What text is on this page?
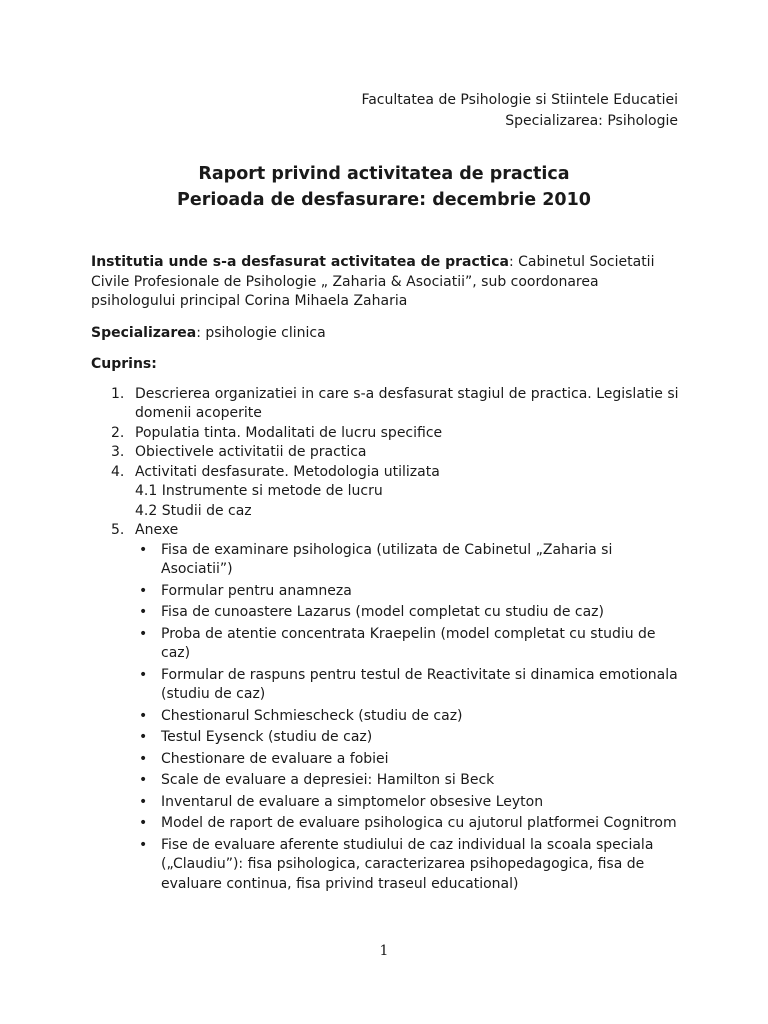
Facultatea de Psihologie si Stiintele Educatiei
Specializarea: Psihologie
Raport privind activitatea de practica
Perioada de desfasurare: decembrie 2010

Institutia unde s-a desfasurat activitatea de practica: Cabinetul Societatii Civile Profesionale de Psihologie „ Zaharia & Asociatii”, sub coordonarea psihologului principal Corina Mihaela Zaharia

Specializarea: psihologie clinica

Cuprins:

1. Descrierea organizatiei in care s-a desfasurat stagiul de practica. Legislatie si domenii acoperite
2. Populatia tinta. Modalitati de lucru specifice
3. Obiectivele activitatii de practica
4. Activitati desfasurate. Metodologia utilizata
4.1 Instrumente si metode de lucru
4.2 Studii de caz
5. Anexe
• Fisa de examinare psihologica (utilizata de Cabinetul „Zaharia si Asociatii”)
• Formular pentru anamneza
• Fisa de cunoastere Lazarus (model completat cu studiu de caz)
• Proba de atentie concentrata Kraepelin (model completat cu studiu de caz)
• Formular de raspuns pentru testul de Reactivitate si dinamica emotionala (studiu de caz)
• Chestionarul Schmiescheck (studiu de caz)
• Testul Eysenck (studiu de caz)
• Chestionare de evaluare a fobiei
• Scale de evaluare a depresiei: Hamilton si Beck
• Inventarul de evaluare a simptomelor obsesive Leyton
• Model de raport de evaluare psihologica cu ajutorul platformei Cognitrom
• Fise de evaluare aferente studiului de caz individual la scoala speciala („Claudiu”): fisa psihologica, caracterizarea psihopedagogica, fisa de evaluare continua, fisa privind traseul educational)
1
